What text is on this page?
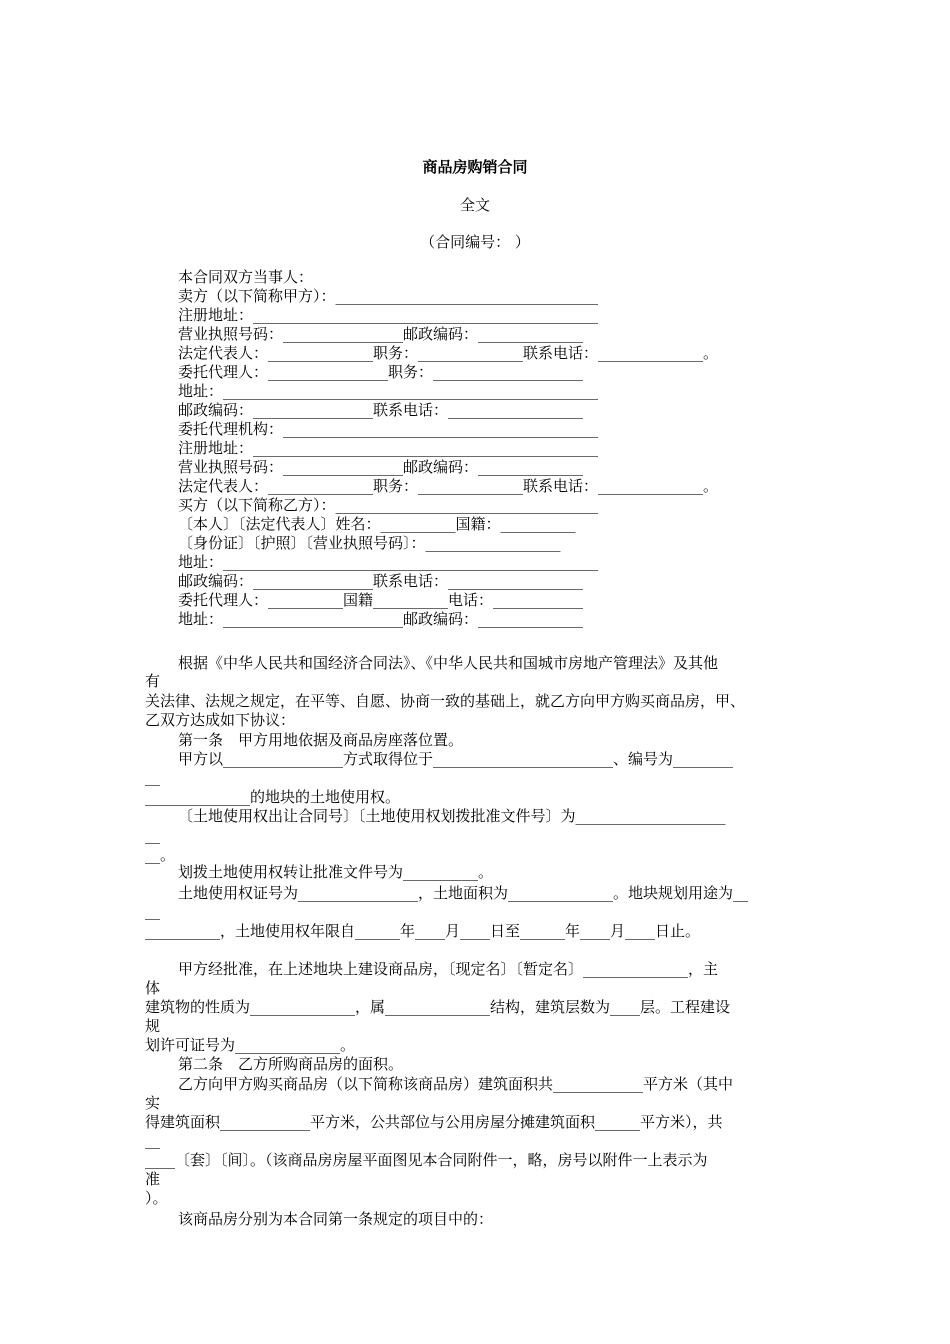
商品房购销合同
全文
（合同编号： ）
本合同双方当事人：
卖方（以下简称甲方）：___________________________________
注册地址：______________________________________________
营业执照号码：________________邮政编码：______________
法定代表人：______________职务：______________联系电话：______________。
委托代理人：________________职务：____________________
地址：__________________________________________________
邮政编码：________________联系电话：__________________
委托代理机构：__________________________________________
注册地址：______________________________________________
营业执照号码：________________邮政编码：______________
法定代表人：______________职务：______________联系电话：______________。
买方（以下简称乙方）：___________________________________
〔本人〕〔法定代表人〕姓名：__________国籍：__________
〔身份证〕〔护照〕〔营业执照号码〕：__________________
地址：__________________________________________________
邮政编码：________________联系电话：__________________
委托代理人：__________国籍__________电话：____________
地址：________________________邮政编码：______________
根据《中华人民共和国经济合同法》、《中华人民共和国城市房地产管理法》及其他
有
关法律、法规之规定，在平等、自愿、协商一致的基础上，就乙方向甲方购买商品房，甲、
乙双方达成如下协议：
第一条　甲方用地依据及商品房座落位置。
甲方以________________方式取得位于________________________、编号为________
__
______________的地块的土地使用权。
〔土地使用权出让合同号〕〔土地使用权划拨批准文件号〕为____________________
__
__。
划拨土地使用权转让批准文件号为__________。
土地使用权证号为________________，土地面积为______________。地块规划用途为__
__
__________，土地使用权年限自______年____月____日至______年____月____日止。
甲方经批准，在上述地块上建设商品房，〔现定名〕〔暂定名〕______________，主
体
建筑物的性质为______________，属______________结构，建筑层数为____层。工程建设
规
划许可证号为______________。
第二条　乙方所购商品房的面积。
乙方向甲方购买商品房（以下简称该商品房）建筑面积共____________平方米（其中
实
得建筑面积____________平方米，公共部位与公用房屋分摊建筑面积______平方米），共
__
____〔套〕〔间〕。（该商品房房屋平面图见本合同附件一，略，房号以附件一上表示为
准
）。
该商品房分别为本合同第一条规定的项目中的：
